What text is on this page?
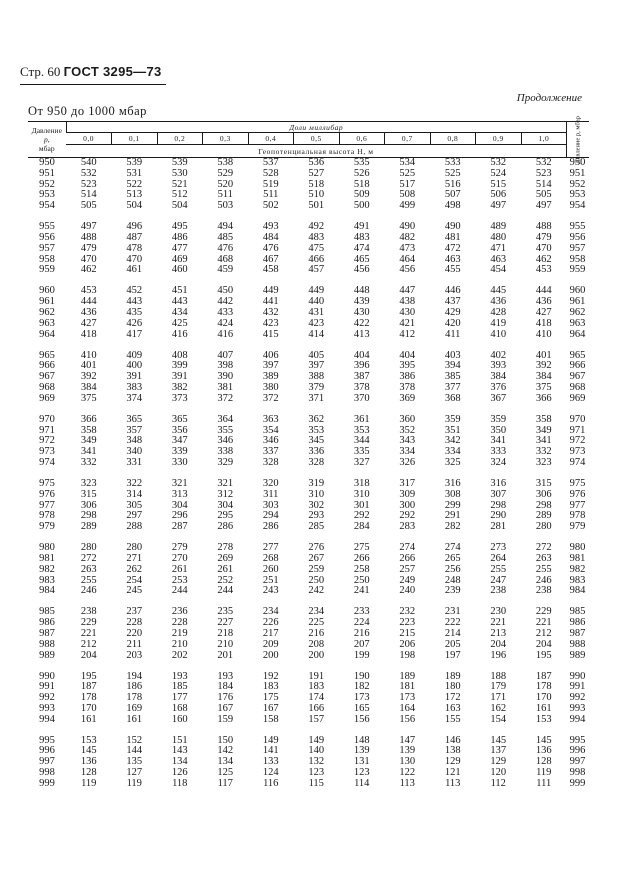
Стр. 60 ГОСТ 3295—73
Продолжение
От 950 до 1000 мбар
Давление
p,
мбар	Доли миллибар											Давление p, мбар

	0,0	0,1	0,2	0,3	0,4	0,5	0,6	0,7	0,8	0,9	1,0	
	Геопотенциальная высота H, м											
950	540	539	539	538	537	536	535	534	533	532	532	950
951	532	531	530	529	528	527	526	525	525	524	523	951
952	523	522	521	520	519	518	518	517	516	515	514	952
953	514	513	512	511	511	510	509	508	507	506	505	953
954	505	504	504	503	502	501	500	499	498	497	497	954
955	497	496	495	494	493	492	491	490	490	489	488	955
956	488	487	486	485	484	483	483	482	481	480	479	956
957	479	478	477	476	476	475	474	473	472	471	470	957
958	470	470	469	468	467	466	465	464	463	463	462	958
959	462	461	460	459	458	457	456	456	455	454	453	959
960	453	452	451	450	449	449	448	447	446	445	444	960
961	444	443	443	442	441	440	439	438	437	436	436	961
962	436	435	434	433	432	431	430	430	429	428	427	962
963	427	426	425	424	423	423	422	421	420	419	418	963
964	418	417	416	416	415	414	413	412	411	410	410	964
965	410	409	408	407	406	405	404	404	403	402	401	965
966	401	400	399	398	397	397	396	395	394	393	392	966
967	392	391	391	390	389	388	387	386	385	384	384	967
968	384	383	382	381	380	379	378	378	377	376	375	968
969	375	374	373	372	372	371	370	369	368	367	366	969
970	366	365	365	364	363	362	361	360	359	359	358	970
971	358	357	356	355	354	353	353	352	351	350	349	971
972	349	348	347	346	346	345	344	343	342	341	341	972
973	341	340	339	338	337	336	335	334	334	333	332	973
974	332	331	330	329	328	328	327	326	325	324	323	974
975	323	322	321	321	320	319	318	317	316	316	315	975
976	315	314	313	312	311	310	310	309	308	307	306	976
977	306	305	304	304	303	302	301	300	299	298	298	977
978	298	297	296	295	294	293	292	292	291	290	289	978
979	289	288	287	286	286	285	284	283	282	281	280	979
980	280	280	279	278	277	276	275	274	274	273	272	980
981	272	271	270	269	268	267	266	266	265	264	263	981
982	263	262	261	261	260	259	258	257	256	255	255	982
983	255	254	253	252	251	250	250	249	248	247	246	983
984	246	245	244	244	243	242	241	240	239	238	238	984
985	238	237	236	235	234	234	233	232	231	230	229	985
986	229	228	228	227	226	225	224	223	222	221	221	986
987	221	220	219	218	217	216	216	215	214	213	212	987
988	212	211	210	210	209	208	207	206	205	204	204	988
989	204	203	202	201	200	200	199	198	197	196	195	989
990	195	194	193	193	192	191	190	189	189	188	187	990
991	187	186	185	184	183	183	182	181	180	179	178	991
992	178	178	177	176	175	174	173	173	172	171	170	992
993	170	169	168	167	167	166	165	164	163	162	161	993
994	161	161	160	159	158	157	156	156	155	154	153	994
995	153	152	151	150	149	149	148	147	146	145	145	995
996	145	144	143	142	141	140	139	139	138	137	136	996
997	136	135	134	134	133	132	131	130	129	129	128	997
998	128	127	126	125	124	123	123	122	121	120	119	998
999	119	119	118	117	116	115	114	113	113	112	111	999
